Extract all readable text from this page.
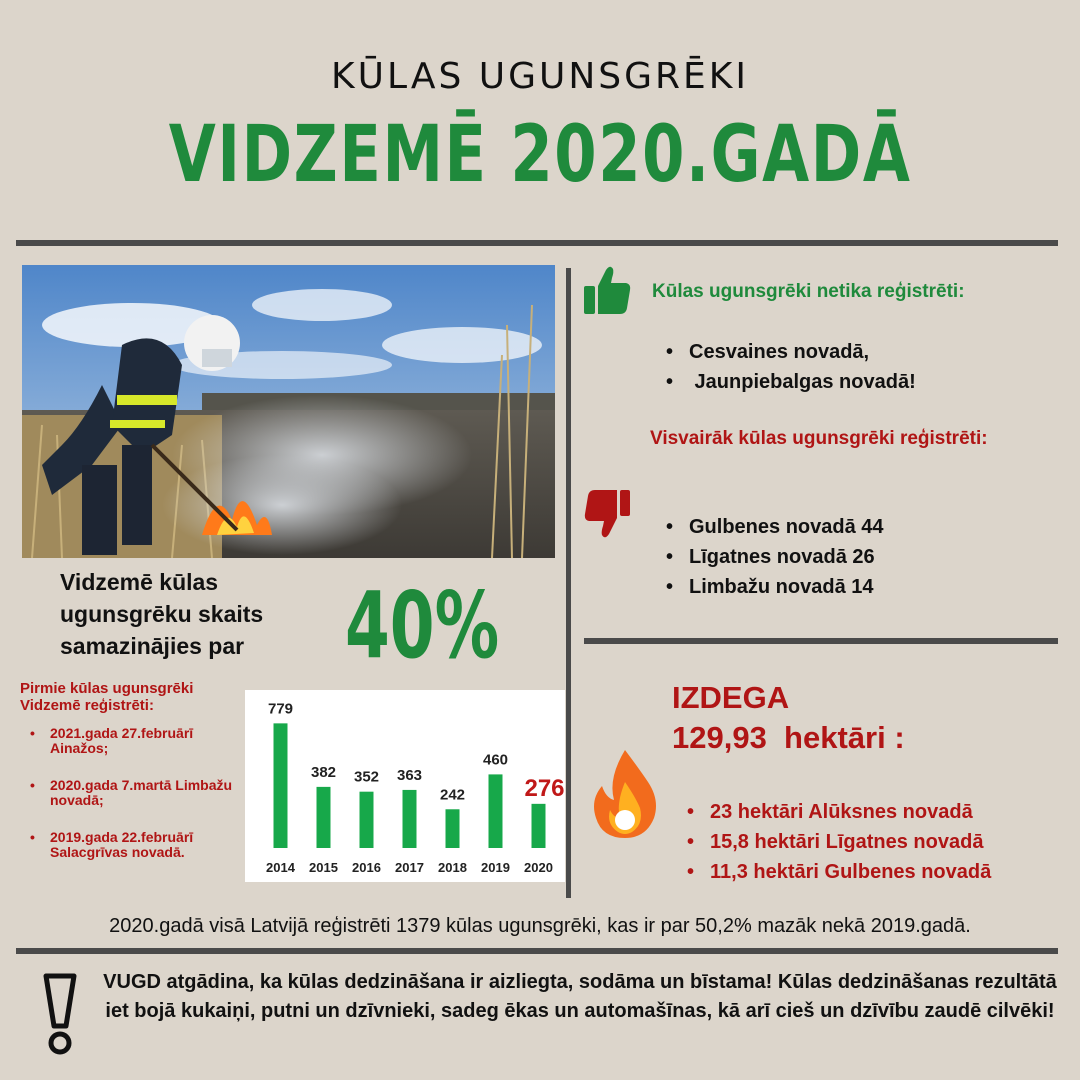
KŪLAS UGUNSGRĒKI
VIDZEMĒ 2020.GADĀ
Vidzemē kūlas ugunsgrēku skaits samazinājies par	40%
Pirmie kūlas ugunsgrēki Vidzemē reģistrēti:
• 2021.gada 27.februārī Ainažos;
• 2020.gada 7.martā Limbažu novadā;
• 2019.gada 22.februārī Salacgrīvas novadā.
779
2014
382
2015
352
2016
363
2017
242
2018
460
2019
276
2020
Kūlas ugunsgrēki netika reģistrēti:
• Cesvaines novadā,
•  Jaunpiebalgas novadā!
Visvairāk kūlas ugunsgrēki reģistrēti:
• Gulbenes novadā 44
• Līgatnes novadā 26
• Limbažu novadā 14
IZDEGA
129,93  hektāri :
• 23 hektāri Alūksnes novadā
• 15,8 hektāri Līgatnes novadā
• 11,3 hektāri Gulbenes novadā
2020.gadā visā Latvijā reģistrēti 1379 kūlas ugunsgrēki, kas ir par 50,2% mazāk nekā 2019.gadā.
VUGD atgādina, ka kūlas dedzināšana ir aizliegta, sodāma un bīstama! Kūlas dedzināšanas rezultātā iet bojā kukaiņi, putni un dzīvnieki, sadeg ēkas un automašīnas, kā arī cieš un dzīvību zaudē cilvēki!
